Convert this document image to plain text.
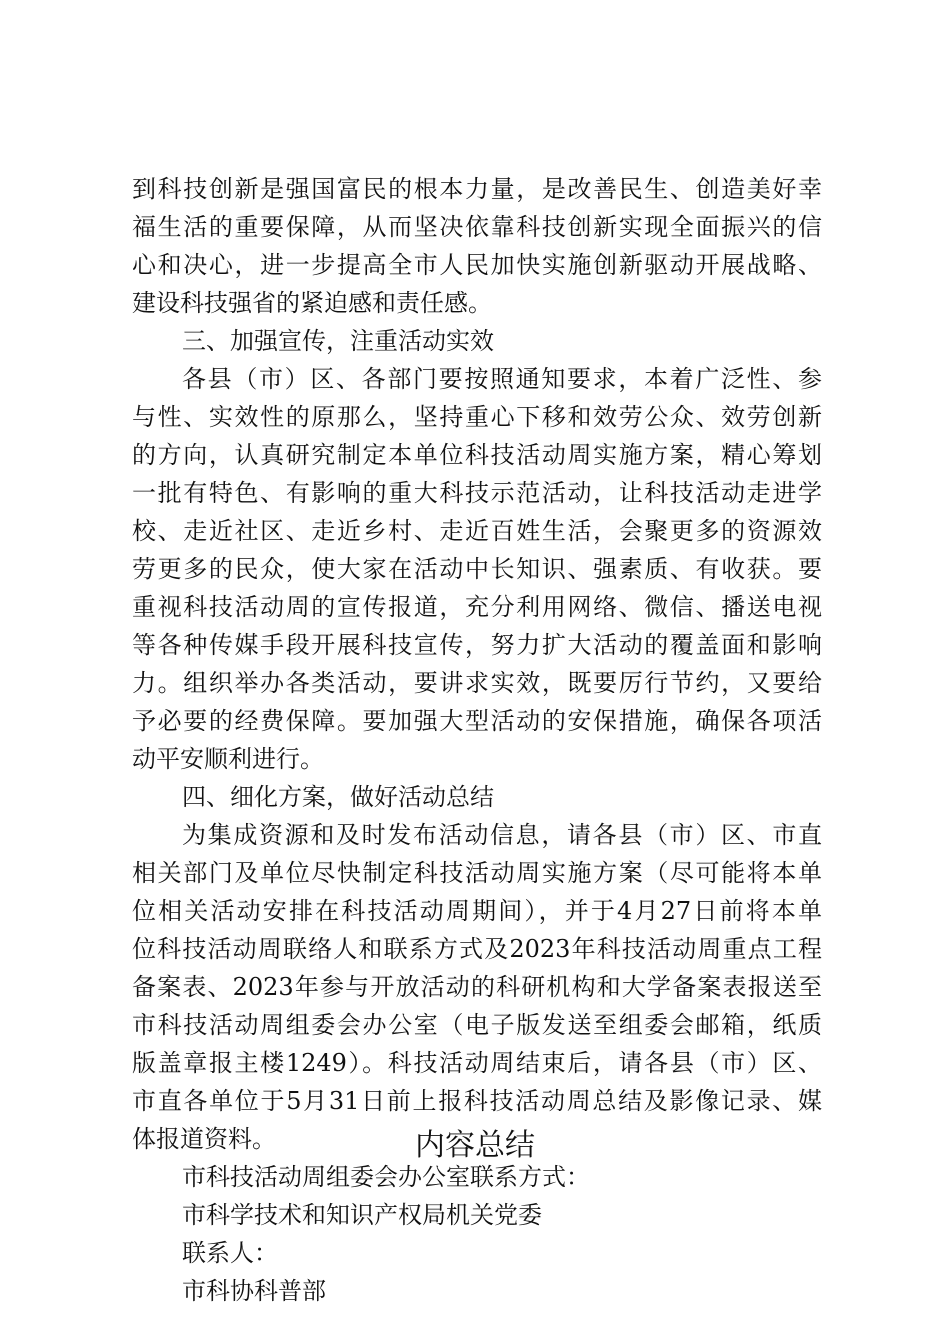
到科技创新是强国富民的根本力量，是改善民生、创造美好幸
福生活的重要保障，从而坚决依靠科技创新实现全面振兴的信
心和决心，进一步提高全市人民加快实施创新驱动开展战略、
建设科技强省的紧迫感和责任感。
三、加强宣传，注重活动实效
各县（市）区、各部门要按照通知要求，本着广泛性、参
与性、实效性的原那么，坚持重心下移和效劳公众、效劳创新
的方向，认真研究制定本单位科技活动周实施方案，精心筹划
一批有特色、有影响的重大科技示范活动，让科技活动走进学
校、走近社区、走近乡村、走近百姓生活，会聚更多的资源效
劳更多的民众，使大家在活动中长知识、强素质、有收获。要
重视科技活动周的宣传报道，充分利用网络、微信、播送电视
等各种传媒手段开展科技宣传，努力扩大活动的覆盖面和影响
力。组织举办各类活动，要讲求实效，既要厉行节约，又要给
予必要的经费保障。要加强大型活动的安保措施，确保各项活
动平安顺利进行。
四、细化方案，做好活动总结
为集成资源和及时发布活动信息，请各县（市）区、市直
相关部门及单位尽快制定科技活动周实施方案（尽可能将本单
位相关活动安排在科技活动周期间），并于4月27日前将本单
位科技活动周联络人和联系方式及2023年科技活动周重点工程
备案表、2023年参与开放活动的科研机构和大学备案表报送至
市科技活动周组委会办公室（电子版发送至组委会邮箱，纸质
版盖章报主楼1249）。科技活动周结束后，请各县（市）区、
市直各单位于5月31日前上报科技活动周总结及影像记录、媒
体报道资料。
市科技活动周组委会办公室联系方式：
市科学技术和知识产权局机关党委
联系人：
市科协科普部
内容总结
